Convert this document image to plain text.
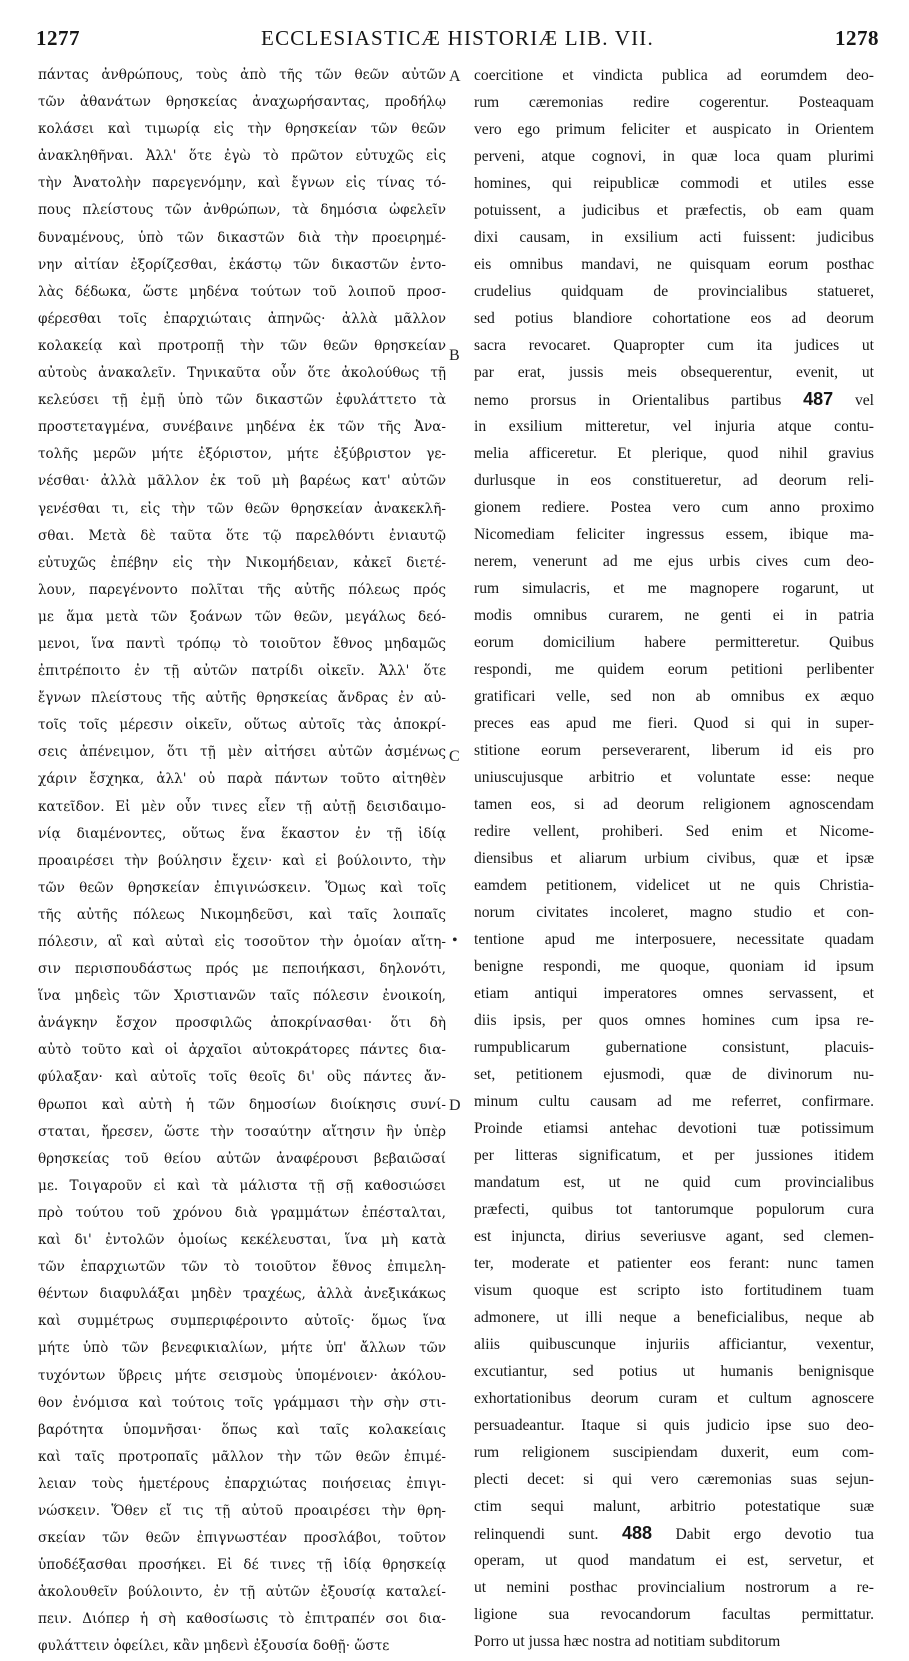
1277	ECCLESIASTICÆ HISTORIÆ LIB. VII.	1278
πάντας ἀνθρώπους, τοὺς ἀπὸ τῆς τῶν θεῶν αὐτῶν
τῶν ἀθανάτων θρησκείας ἀναχωρήσαντας, προδήλῳ
κολάσει καὶ τιμωρίᾳ εἰς τὴν θρησκείαν τῶν θεῶν
ἀνακληθῆναι. Ἀλλ' ὅτε ἐγὼ τὸ πρῶτον εὐτυχῶς εἰς
τὴν Ἀνατολὴν παρεγενόμην, καὶ ἔγνων εἰς τίνας τό-
πους πλείστους τῶν ἀνθρώπων, τὰ δημόσια ὠφελεῖν
δυναμένους, ὑπὸ τῶν δικαστῶν διὰ τὴν προειρημέ-
νην αἰτίαν ἐξορίζεσθαι, ἑκάστῳ τῶν δικαστῶν ἐντο-
λὰς δέδωκα, ὥστε μηδένα τούτων τοῦ λοιποῦ προσ-
φέρεσθαι τοῖς ἐπαρχιώταις ἀπηνῶς· ἀλλὰ μᾶλλον
κολακείᾳ καὶ προτροπῇ τὴν τῶν θεῶν θρησκείαν
αὐτοὺς ἀνακαλεῖν. Τηνικαῦτα οὖν ὅτε ἀκολούθως τῇ
κελεύσει τῇ ἐμῇ ὑπὸ τῶν δικαστῶν ἐφυλάττετο τὰ
προστεταγμένα, συνέβαινε μηδένα ἐκ τῶν τῆς Ἀνα-
τολῆς μερῶν μήτε ἐξόριστον, μήτε ἐξύβριστον γε-
νέσθαι· ἀλλὰ μᾶλλον ἐκ τοῦ μὴ βαρέως κατ' αὐτῶν
γενέσθαι τι, εἰς τὴν τῶν θεῶν θρησκείαν ἀνακεκλῆ-
σθαι. Μετὰ δὲ ταῦτα ὅτε τῷ παρελθόντι ἐνιαυτῷ
εὐτυχῶς ἐπέβην εἰς τὴν Νικομήδειαν, κἀκεῖ διετέ-
λουν, παρεγένοντο πολῖται τῆς αὐτῆς πόλεως πρός
με ἅμα μετὰ τῶν ξοάνων τῶν θεῶν, μεγάλως δεό-
μενοι, ἵνα παντὶ τρόπῳ τὸ τοιοῦτον ἔθνος μηδαμῶς
ἐπιτρέποιτο ἐν τῇ αὐτῶν πατρίδι οἰκεῖν. Ἀλλ' ὅτε
ἔγνων πλείστους τῆς αὐτῆς θρησκείας ἄνδρας ἐν αὐ-
τοῖς τοῖς μέρεσιν οἰκεῖν, οὕτως αὐτοῖς τὰς ἀποκρί-
σεις ἀπένειμον, ὅτι τῇ μὲν αἰτήσει αὐτῶν ἀσμένως
χάριν ἔσχηκα, ἀλλ' οὐ παρὰ πάντων τοῦτο αἰτηθὲν
κατεῖδον. Εἰ μὲν οὖν τινες εἶεν τῇ αὐτῇ δεισιδαιμο-
νίᾳ διαμένοντες, οὕτως ἕνα ἕκαστον ἐν τῇ ἰδίᾳ
προαιρέσει τὴν βούλησιν ἔχειν· καὶ εἰ βούλοιντο, τὴν
τῶν θεῶν θρησκείαν ἐπιγινώσκειν. Ὅμως καὶ τοῖς
τῆς αὐτῆς πόλεως Νικομηδεῦσι, καὶ ταῖς λοιπαῖς
πόλεσιν, αἳ καὶ αὐταὶ εἰς τοσοῦτον τὴν ὁμοίαν αἴτη-
σιν περισπουδάστως πρός με πεποιήκασι, δηλονότι,
ἵνα μηδεὶς τῶν Χριστιανῶν ταῖς πόλεσιν ἐνοικοίη,
ἀνάγκην ἔσχον προσφιλῶς ἀποκρίνασθαι· ὅτι δὴ
αὐτὸ τοῦτο καὶ οἱ ἀρχαῖοι αὐτοκράτορες πάντες δια-
φύλαξαν· καὶ αὐτοῖς τοῖς θεοῖς δι' οὓς πάντες ἄν-
θρωποι καὶ αὐτὴ ἡ τῶν δημοσίων διοίκησις συνί-
σταται, ἤρεσεν, ὥστε τὴν τοσαύτην αἴτησιν ἣν ὑπὲρ
θρησκείας τοῦ θείου αὐτῶν ἀναφέρουσι βεβαιῶσαί
με. Τοιγαροῦν εἰ καὶ τὰ μάλιστα τῇ σῇ καθοσιώσει
πρὸ τούτου τοῦ χρόνου διὰ γραμμάτων ἐπέσταλται,
καὶ δι' ἐντολῶν ὁμοίως κεκέλευσται, ἵνα μὴ κατὰ
τῶν ἐπαρχιωτῶν τῶν τὸ τοιοῦτον ἔθνος ἐπιμελη-
θέντων διαφυλάξαι μηδὲν τραχέως, ἀλλὰ ἀνεξικάκως
καὶ συμμέτρως συμπεριφέροιντο αὐτοῖς· ὅμως ἵνα
μήτε ὑπὸ τῶν βενεφικιαλίων, μήτε ὑπ' ἄλλων τῶν
τυχόντων ὕβρεις μήτε σεισμοὺς ὑπομένοιεν· ἀκόλου-
θον ἐνόμισα καὶ τούτοις τοῖς γράμμασι τὴν σὴν στι-
βαρότητα ὑπομνῆσαι· ὅπως καὶ ταῖς κολακείαις
καὶ ταῖς προτροπαῖς μᾶλλον τὴν τῶν θεῶν ἐπιμέ-
λειαν τοὺς ἡμετέρους ἐπαρχιώτας ποιήσειας ἐπιγι-
νώσκειν. Ὅθεν εἴ τις τῇ αὐτοῦ προαιρέσει τὴν θρη-
σκείαν τῶν θεῶν ἐπιγνωστέαν προσλάβοι, τοῦτον
ὑποδέξασθαι προσήκει. Εἰ δέ τινες τῇ ἰδίᾳ θρησκείᾳ
ἀκολουθεῖν βούλοιντο, ἐν τῇ αὐτῶν ἐξουσίᾳ καταλεί-
πειν. Διόπερ ἡ σὴ καθοσίωσις τὸ ἐπιτραπέν σοι δια-
φυλάττειν ὀφείλει, κἂν μηδενὶ ἐξουσία δοθῇ· ὥστε
coercitione et vindicta publica ad eorumdem deo-
rum cæremonias redire cogerentur. Posteaquam
vero ego primum feliciter et auspicato in Orientem
perveni, atque cognovi, in quæ loca quam plurimi
homines, qui reipublicæ commodi et utiles esse
potuissent, a judicibus et præfectis, ob eam quam
dixi causam, in exsilium acti fuissent: judicibus
eis omnibus mandavi, ne quisquam eorum posthac
crudelius quidquam de provincialibus statueret,
sed potius blandiore cohortatione eos ad deorum
sacra revocaret. Quapropter cum ita judices ut
par erat, jussis meis obsequerentur, evenit, ut
nemo prorsus in Orientalibus partibus 487 vel
in exsilium mitteretur, vel injuria atque contu-
melia afficeretur. Et plerique, quod nihil gravius
durlusque in eos constitueretur, ad deorum reli-
gionem redierе. Postea vero cum anno proximo
Nicomediam feliciter ingressus essem, ibique ma-
nerem, venerunt ad me ejus urbis cives cum deo-
rum simulacris, et me magnopere rogarunt, ut
modis omnibus curarem, ne genti ei in patria
eorum domicilium habere permitteretur. Quibus
respondi, me quidem eorum petitioni perlibenter
gratificari velle, sed non ab omnibus ex æquo
preces eas apud me fieri. Quod si qui in super-
stitione eorum perseverarent, liberum id eis pro
uniuscujusque arbitrio et voluntate esse: neque
tamen eos, si ad deorum religionem agnoscendam
redire vellent, prohiberi. Sed enim et Nicome-
diensibus et aliarum urbium civibus, quæ et ipsæ
eamdem petitionem, videlicet ut ne quis Christia-
norum civitates incoleret, magno studio et con-
tentione apud me interposuere, necessitate quadam
benigne respondi, me quoque, quoniam id ipsum
etiam antiqui imperatores omnes servassent, et
diis ipsis, per quos omnes homines cum ipsa re-
rumpublicarum gubernatione consistunt, placuis-
set, petitionem ejusmodi, quæ de divinorum nu-
minum cultu causam ad me referret, confirmare.
Proinde etiamsi antehac devotioni tuæ potissimum
per litteras significatum, et per jussiones itidem
mandatum est, ut ne quid cum provincialibus
præfecti, quibus tot tantorumque populorum cura
est injuncta, dirius severiusve agant, sed clemen-
ter, moderate et patienter eos ferant: nunc tamen
visum quoque est scripto isto fortitudinem tuam
admonere, ut illi neque a beneficialibus, neque ab
aliis quibuscunque injuriis afficiantur, vexentur,
excutiantur, sed potius ut humanis benignisque
exhortationibus deorum curam et cultum agnoscere
persuadeantur. Itaque si quis judicio ipse suo deo-
rum religionem suscipiendam duxerit, eum com-
plecti decet: si qui vero cæremonias suas sejun-
ctim sequi malunt, arbitrio potestatique suæ
relinquendi sunt. 488 Dabit ergo devotio tua
operam, ut quod mandatum ei est, servetur, et
ut nemini posthac provincialium nostrorum a re-
ligione sua revocandorum facultas permittatur.
Porro ut jussa hæc nostra ad notitiam subditorum
A
B
C
D
•
